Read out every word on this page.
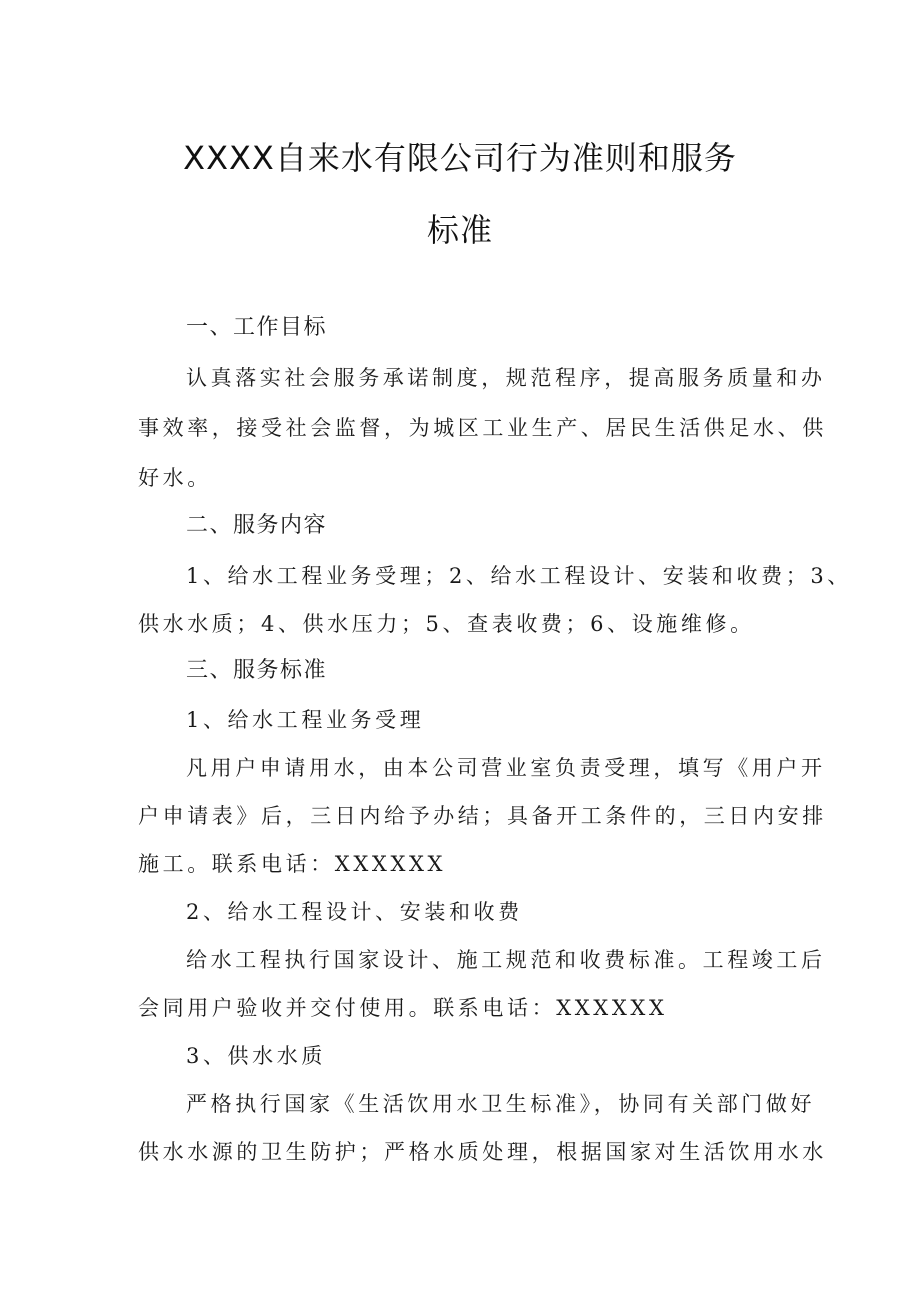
XXXX自来水有限公司行为准则和服务
标准
一、工作目标
认真落实社会服务承诺制度，规范程序，提高服务质量和办
事效率，接受社会监督，为城区工业生产、居民生活供足水、供
好水。
二、服务内容
1、给水工程业务受理；2、给水工程设计、安装和收费；3、
供水水质；4、供水压力；5、查表收费；6、设施维修。
三、服务标准
1、给水工程业务受理
凡用户申请用水，由本公司营业室负责受理，填写《用户开
户申请表》后，三日内给予办结；具备开工条件的，三日内安排
施工。联系电话：XXXXXX
2、给水工程设计、安装和收费
给水工程执行国家设计、施工规范和收费标准。工程竣工后
会同用户验收并交付使用。联系电话：XXXXXX
3、供水水质
严格执行国家《生活饮用水卫生标准》，协同有关部门做好
供水水源的卫生防护；严格水质处理，根据国家对生活饮用水水
